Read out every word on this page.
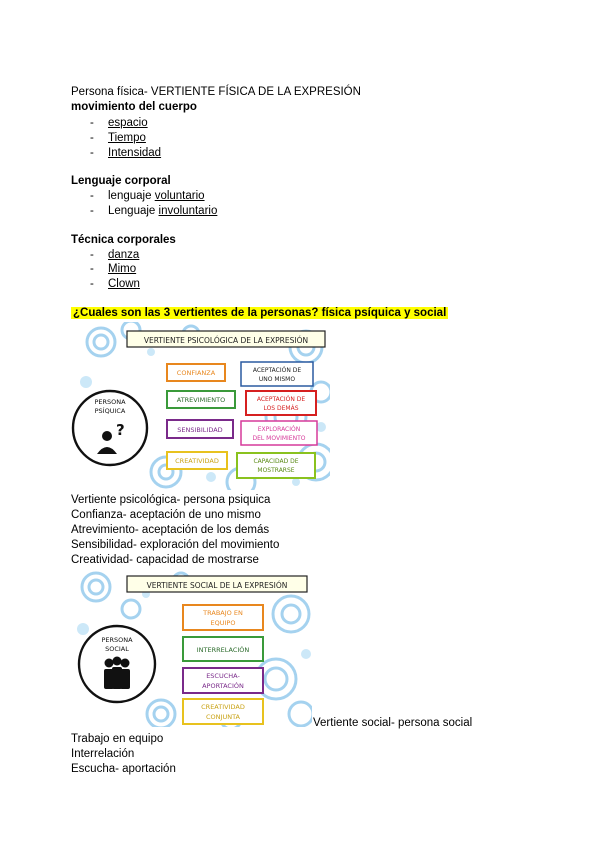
Persona física- VERTIENTE FÍSICA DE LA EXPRESIÓN
movimiento del cuerpo
- espacio
- Tiempo
- Intensidad
Lenguaje corporal
- lenguaje voluntario
- Lenguaje involuntario
Técnica corporales
- danza
- Mimo
- Clown
¿Cuales son las 3 vertientes de la personas? física psíquica y social
VERTIENTE PSICOLÓGICA DE LA EXPRESIÓN
PERSONA
PSÍQUICA
?
CONFIANZA	ACEPTACIÓN DE
UNO MISMO
ATREVIMIENTO	ACEPTACIÓN DE
LOS DEMÁS
SENSIBILIDAD	EXPLORACIÓN
DEL MOVIMIENTO
CREATIVIDAD	CAPACIDAD DE
MOSTRARSE
Vertiente psicológica- persona psiquica
Confianza- aceptación de uno mismo
Atrevimiento- aceptación de los demás
Sensibilidad- exploración del movimiento
Creatividad- capacidad de mostrarse
VERTIENTE SOCIAL DE LA EXPRESIÓN
PERSONA
SOCIAL
TRABAJO EN
EQUIPO
INTERRELACIÓN
ESCUCHA-
APORTACIÓN
CREATIVIDAD
CONJUNTA	Vertiente social- persona social
Trabajo en equipo
Interrelación
Escucha- aportación
